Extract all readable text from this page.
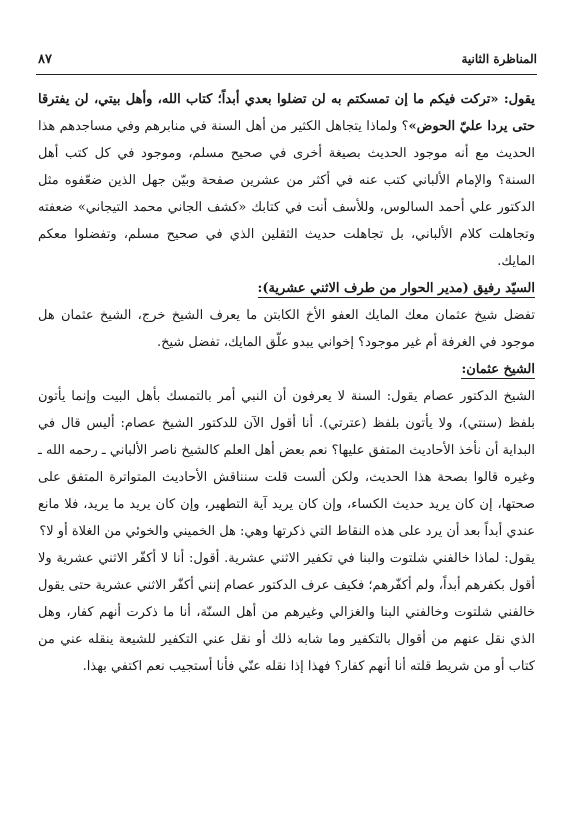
المناظرة الثانية
٨٧

يقول: «تركت فيكم ما إن تمسكتم به لن تضلوا بعدي أبداً؛ كتاب الله، وأهل بيتي، لن يفترقا حتى يردا عليّ الحوض»؟ ولماذا يتجاهل الكثير من أهل السنة في منابرهم وفي مساجدهم هذا الحديث مع أنه موجود الحديث بصيغة أخرى في صحيح مسلم، وموجود في كل كتب أهل السنة؟ والإمام الألباني كتب عنه في أكثر من عشرين صفحة وبيّن جهل الذين ضعّفوه مثل الدكتور علي أحمد السالوس، وللأسف أنت في كتابك «كشف الجاني محمد التيجاني» ضعفته وتجاهلت كلام الألباني، بل تجاهلت حديث الثقلين الذي في صحيح مسلم، وتفضلوا معكم المايك.

السيّد رفيق (مدير الحوار من طرف الاثني عشرية):

تفضل شيخ عثمان معك المايك العفو الأخ الكابتن ما يعرف الشيخ خرج، الشيخ عثمان هل موجود في الغرفة أم غير موجود؟ إخواني يبدو علّق المايك، تفضل شيخ.

الشيخ عثمان:

الشيخ الدكتور عصام يقول: السنة لا يعرفون أن النبي أمر بالتمسك بأهل البيت وإنما يأتون بلفظ (سنتي)، ولا يأتون بلفظ (عترتي). أنا أقول الآن للدكتور الشيخ عصام: أليس قال في البداية أن نأخذ الأحاديث المتفق عليها؟ نعم بعض أهل العلم كالشيخ ناصر الألباني ـ رحمه الله ـ وغيره قالوا بصحة هذا الحديث، ولكن ألست قلت سنناقش الأحاديث المتواترة المتفق على صحتها، إن كان يريد حديث الكساء، وإن كان يريد آية التطهير، وإن كان يريد ما يريد، فلا مانع عندي أبداً بعد أن يرد على هذه النقاط التي ذكرتها وهي: هل الخميني والخوئي من الغلاة أو لا؟

يقول: لماذا خالفني شلتوت والبنا في تكفير الاثني عشرية. أقول: أنا لا أكفّر الاثني عشرية ولا أقول بكفرهم أبداً، ولم أكفّرهم؛ فكيف عرف الدكتور عصام إنني أكفّر الاثني عشرية حتى يقول خالفني شلتوت وخالفني البنا والغزالي وغيرهم من أهل السنّة، أنا ما ذكرت أنهم كفار، وهل الذي نقل عنهم من أقوال بالتكفير وما شابه ذلك أو نقل عني التكفير للشيعة ينقله عني من كتاب أو من شريط قلته أنا أنهم كفار؟ فهذا إذا نقله عنّي فأنا أستجيب نعم اكتفي بهذا.
